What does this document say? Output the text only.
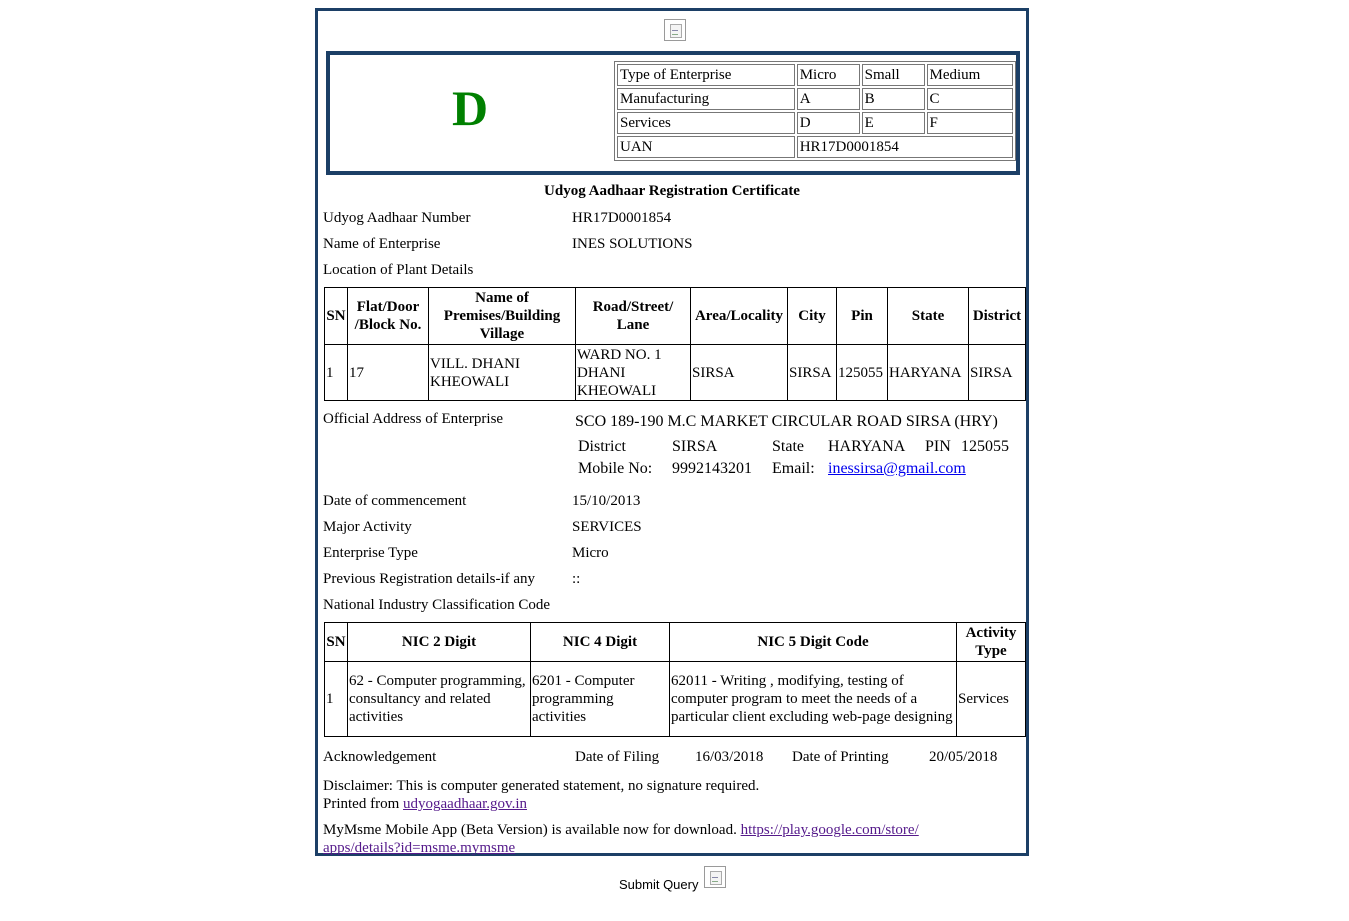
D
Type of Enterprise	Micro	Small	Medium
Manufacturing	A	B	C
Services	D	E	F
UAN	HR17D0001854		
Udyog Aadhaar Registration Certificate
Udyog Aadhaar Number	HR17D0001854
Name of Enterprise	INES SOLUTIONS
Location of Plant Details
SN	Flat/Door /Block No.	Name of Premises/Building Village	Road/Street/ Lane	Area/Locality	City	Pin	State	District
1	17	VILL. DHANI KHEOWALI	WARD NO. 1 DHANI KHEOWALI	SIRSA	SIRSA	125055	HARYANA	SIRSA
Official Address of Enterprise	SCO 189-190 M.C MARKET CIRCULAR ROAD SIRSA (HRY)
District	SIRSA	State HARYANA PIN 125055
Mobile No: 9992143201 Email: inessirsa@gmail.com
Date of commencement	15/10/2013
Major Activity	SERVICES
Enterprise Type	Micro
Previous Registration details-if any ::
National Industry Classification Code
SN	NIC 2 Digit	NIC 4 Digit	NIC 5 Digit Code	Activity Type
1	62 - Computer programming, consultancy and related activities	6201 - Computer programming activities	62011 - Writing , modifying, testing of computer program to meet the needs of a particular client excluding web-page designing	Services
Acknowledgement	Date of Filing 16/03/2018 Date of Printing	20/05/2018
Disclaimer: This is computer generated statement, no signature required.
Printed from udyogaadhaar.gov.in
MyMsme Mobile App (Beta Version) is available now for download. https://play.google.com/store/
apps/details?id=msme.mymsme
Submit Query
